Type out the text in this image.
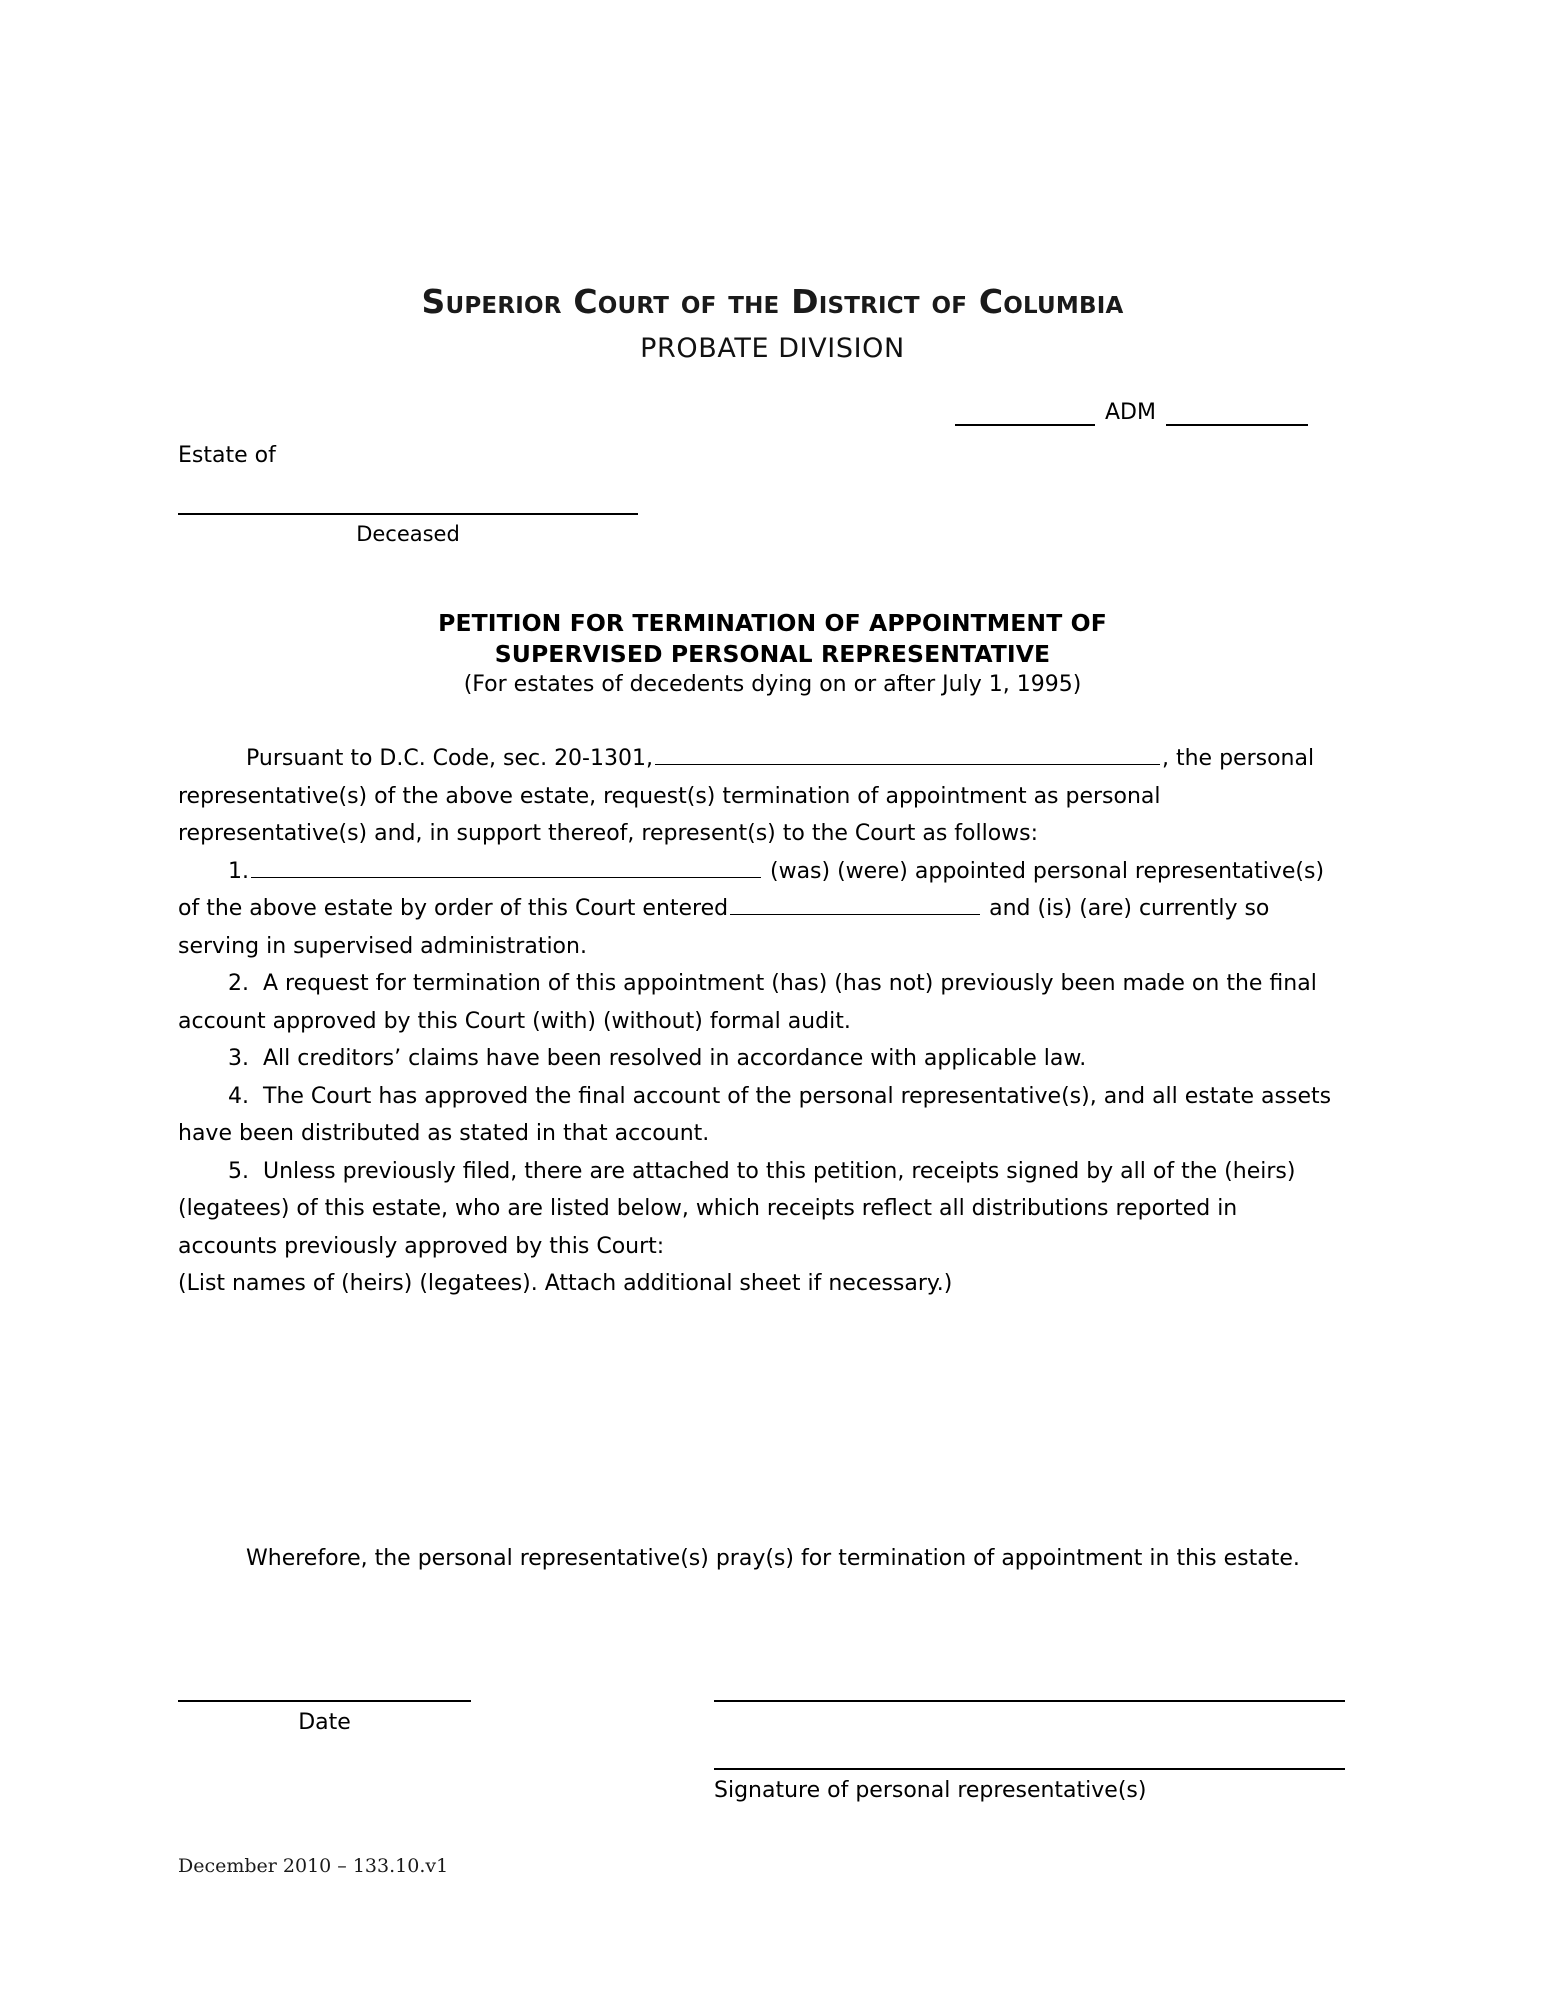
Superior Court of the District of Columbia
PROBATE DIVISION
ADM
Estate of
Deceased
PETITION FOR TERMINATION OF APPOINTMENT OF
SUPERVISED PERSONAL REPRESENTATIVE
(For estates of decedents dying on or after July 1, 1995)

Pursuant to D.C. Code, sec. 20-1301,	, the personal representative(s) of the above estate, request(s) termination of appointment as personal representative(s) and, in support thereof, represent(s) to the Court as follows:

1.	(was) (were) appointed personal representative(s) of the above estate by order of this Court entered	and (is) (are) currently so serving in supervised administration.

2. A request for termination of this appointment (has) (has not) previously been made on the final account approved by this Court (with) (without) formal audit.

3. All creditors’ claims have been resolved in accordance with applicable law.

4. The Court has approved the final account of the personal representative(s), and all estate assets have been distributed as stated in that account.

5. Unless previously filed, there are attached to this petition, receipts signed by all of the (heirs) (legatees) of this estate, who are listed below, which receipts reflect all distributions reported in accounts previously approved by this Court:

(List names of (heirs) (legatees). Attach additional sheet if necessary.)

Wherefore, the personal representative(s) pray(s) for termination of appointment in this estate.

Date
Signature of personal representative(s)
December 2010 – 133.10.v1
